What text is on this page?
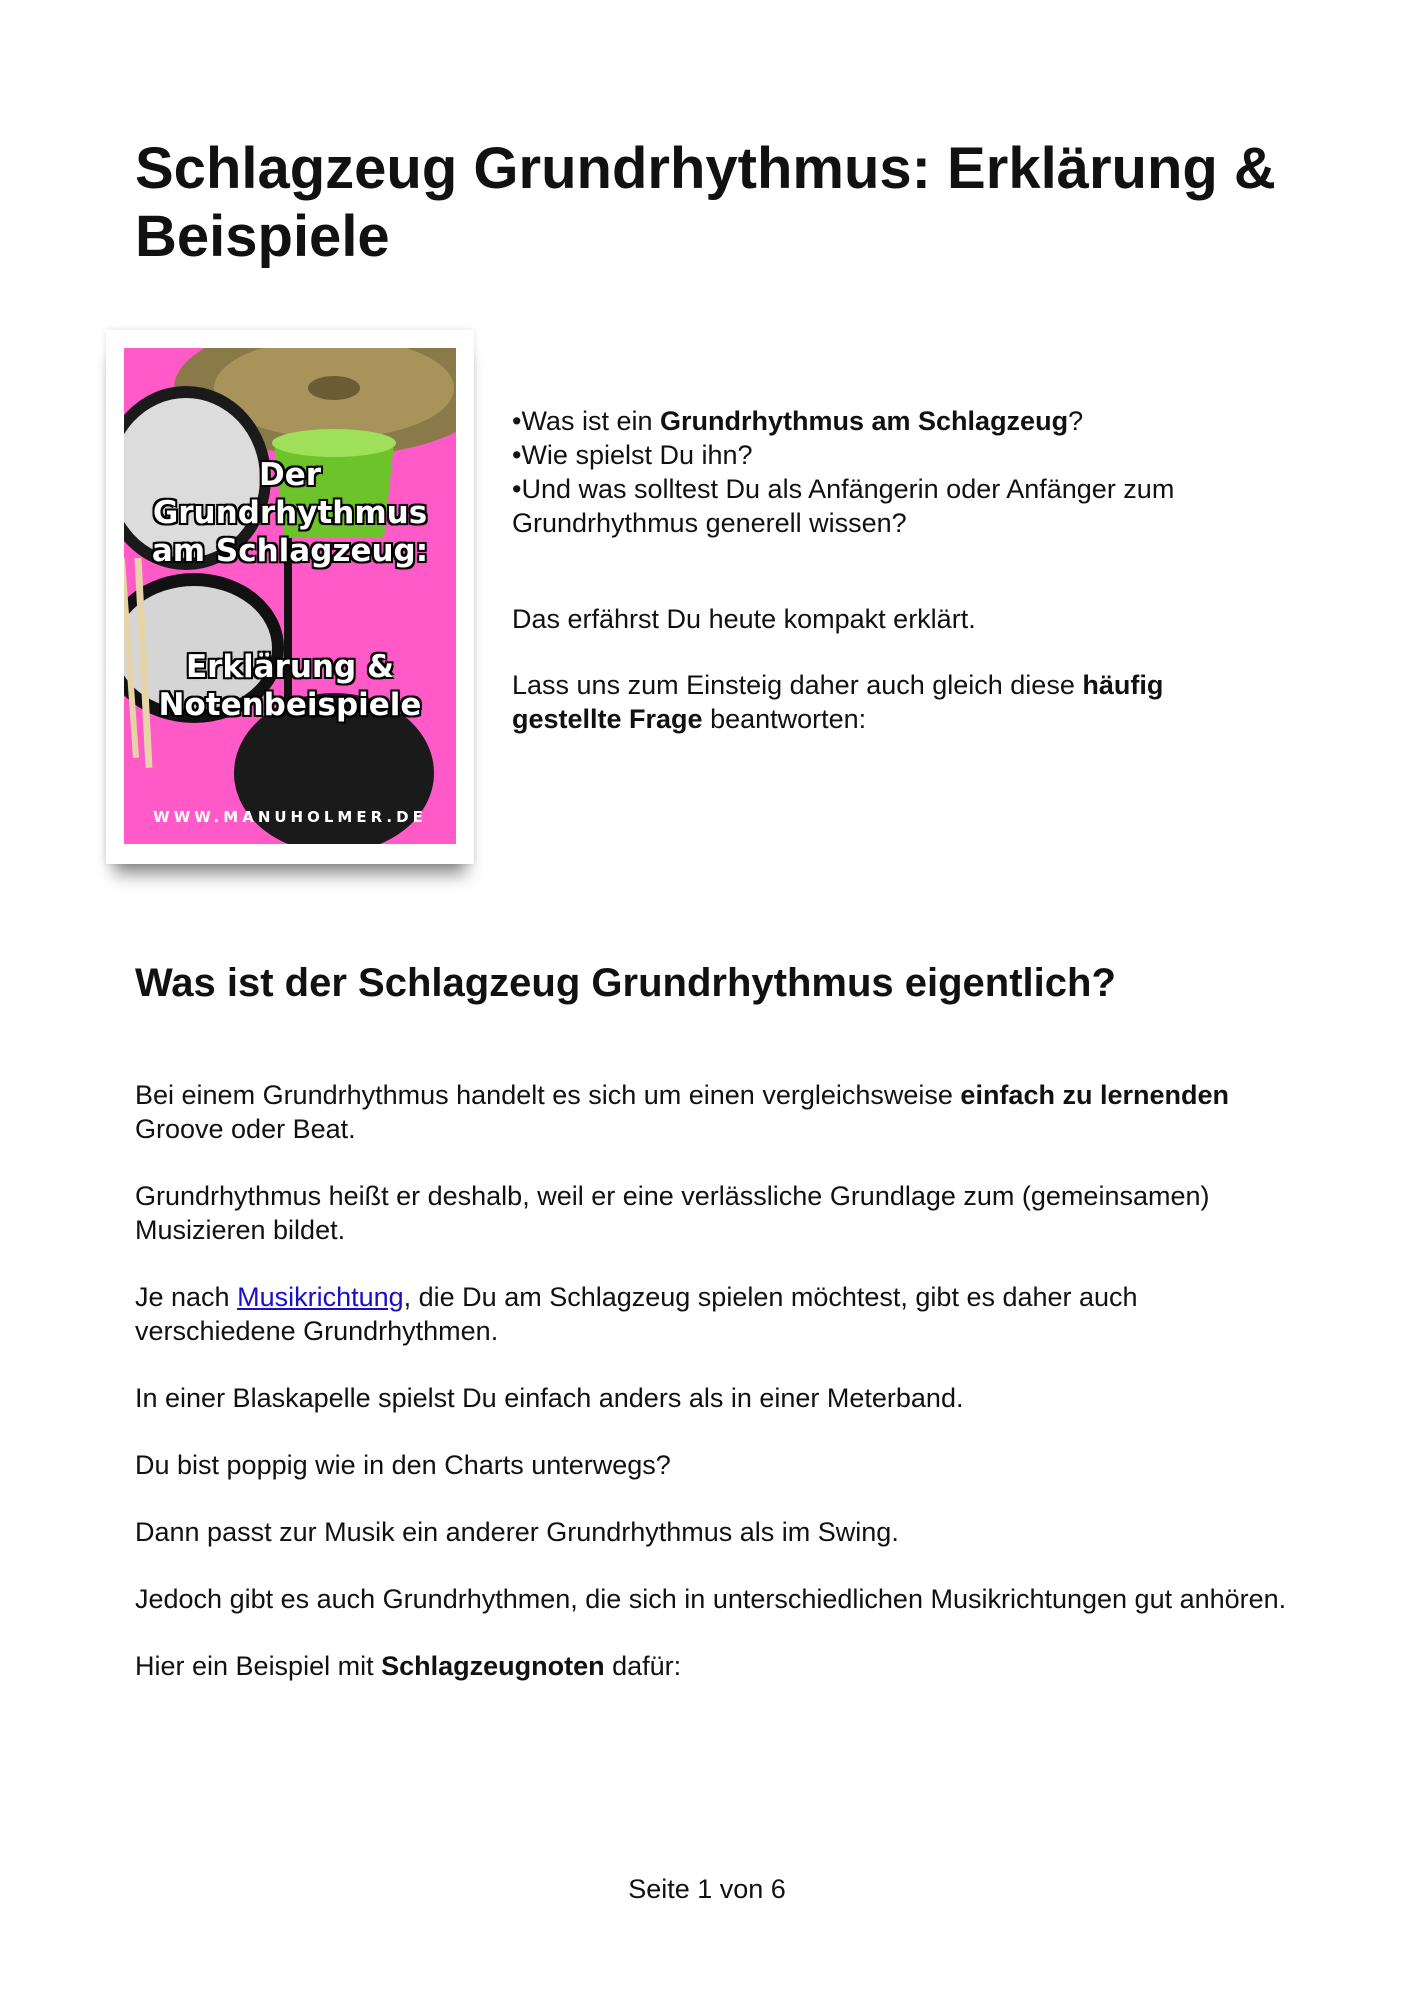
Schlagzeug Grundrhythmus: Erklärung & Beispiele
Der
Grundrhythmus
am Schlagzeug:
Erklärung &
Notenbeispiele
WWW.MANUHOLMER.DE

•Was ist ein Grundrhythmus am Schlagzeug?

•Wie spielst Du ihn?

•Und was solltest Du als Anfängerin oder Anfänger zum Grundrhythmus generell wissen?

Das erfährst Du heute kompakt erklärt.

Lass uns zum Einsteig daher auch gleich diese häufig gestellte Frage beantworten:

Was ist der Schlagzeug Grundrhythmus eigentlich?

Bei einem Grundrhythmus handelt es sich um einen vergleichsweise einfach zu lernenden Groove oder Beat.

Grundrhythmus heißt er deshalb, weil er eine verlässliche Grundlage zum (gemeinsamen) Musizieren bildet.

Je nach Musikrichtung, die Du am Schlagzeug spielen möchtest, gibt es daher auch verschiedene Grundrhythmen.

In einer Blaskapelle spielst Du einfach anders als in einer Meterband.

Du bist poppig wie in den Charts unterwegs?

Dann passt zur Musik ein anderer Grundrhythmus als im Swing.

Jedoch gibt es auch Grundrhythmen, die sich in unterschiedlichen Musikrichtungen gut anhören.

Hier ein Beispiel mit Schlagzeugnoten dafür:

Seite 1 von 6
